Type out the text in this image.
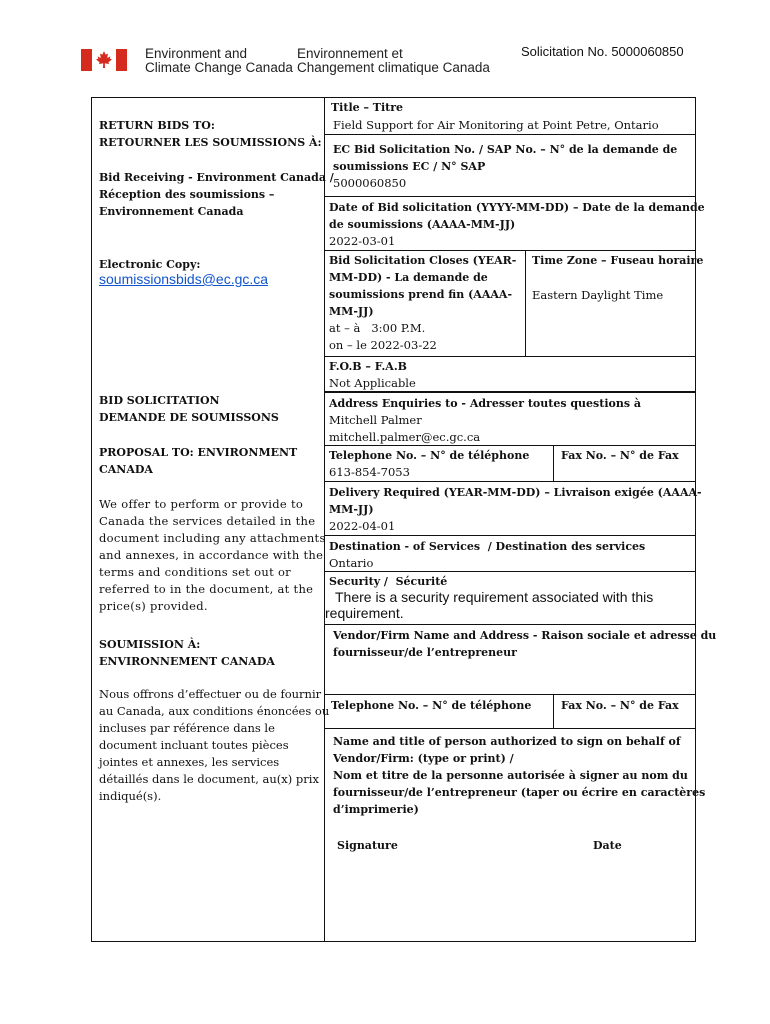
Environment and
Climate Change Canada
Environnement et
Changement climatique Canada
Solicitation No. 5000060850
RETURN BIDS TO:
RETOURNER LES SOUMISSIONS À:
Bid Receiving - Environment Canada /
Réception des soumissions –
Environnement Canada
Electronic Copy:
soumissionsbids@ec.gc.ca
BID SOLICITATION
DEMANDE DE SOUMISSONS
PROPOSAL TO: ENVIRONMENT
CANADA
We offer to perform or provide to
Canada the services detailed in the
document including any attachments
and annexes, in accordance with the
terms and conditions set out or
referred to in the document, at the
price(s) provided.
SOUMISSION À:
ENVIRONNEMENT CANADA
Nous offrons d’effectuer ou de fournir
au Canada, aux conditions énoncées ou
incluses par référence dans le
document incluant toutes pièces
jointes et annexes, les services
détaillés dans le document, au(x) prix
indiqué(s).
Title – Titre
Field Support for Air Monitoring at Point Petre, Ontario
EC Bid Solicitation No. / SAP No. – N° de la demande de
soumissions EC / N° SAP
5000060850
Date of Bid solicitation (YYYY-MM-DD) – Date de la demande
de soumissions (AAAA-MM-JJ)
2022-03-01
Bid Solicitation Closes (YEAR-
MM-DD) - La demande de
soumissions prend fin (AAAA-
MM-JJ)
at – à   3:00 P.M.
on – le 2022-03-22
Time Zone – Fuseau horaire
Eastern Daylight Time
F.O.B – F.A.B
Not Applicable
Address Enquiries to - Adresser toutes questions à
Mitchell Palmer
mitchell.palmer@ec.gc.ca
Telephone No. – N° de téléphone
613-854-7053
Fax No. – N° de Fax
Delivery Required (YEAR-MM-DD) – Livraison exigée (AAAA-
MM-JJ)
2022-04-01
Destination - of Services  / Destination des services
Ontario
Security /  Sécurité
There is a security requirement associated with this
requirement.
Vendor/Firm Name and Address - Raison sociale et adresse du
fournisseur/de l’entrepreneur
Telephone No. – N° de téléphone	Fax No. – N° de Fax
Name and title of person authorized to sign on behalf of
Vendor/Firm: (type or print) /
Nom et titre de la personne autorisée à signer au nom du
fournisseur/de l’entrepreneur (taper ou écrire en caractères
d’imprimerie)
Signature	Date
